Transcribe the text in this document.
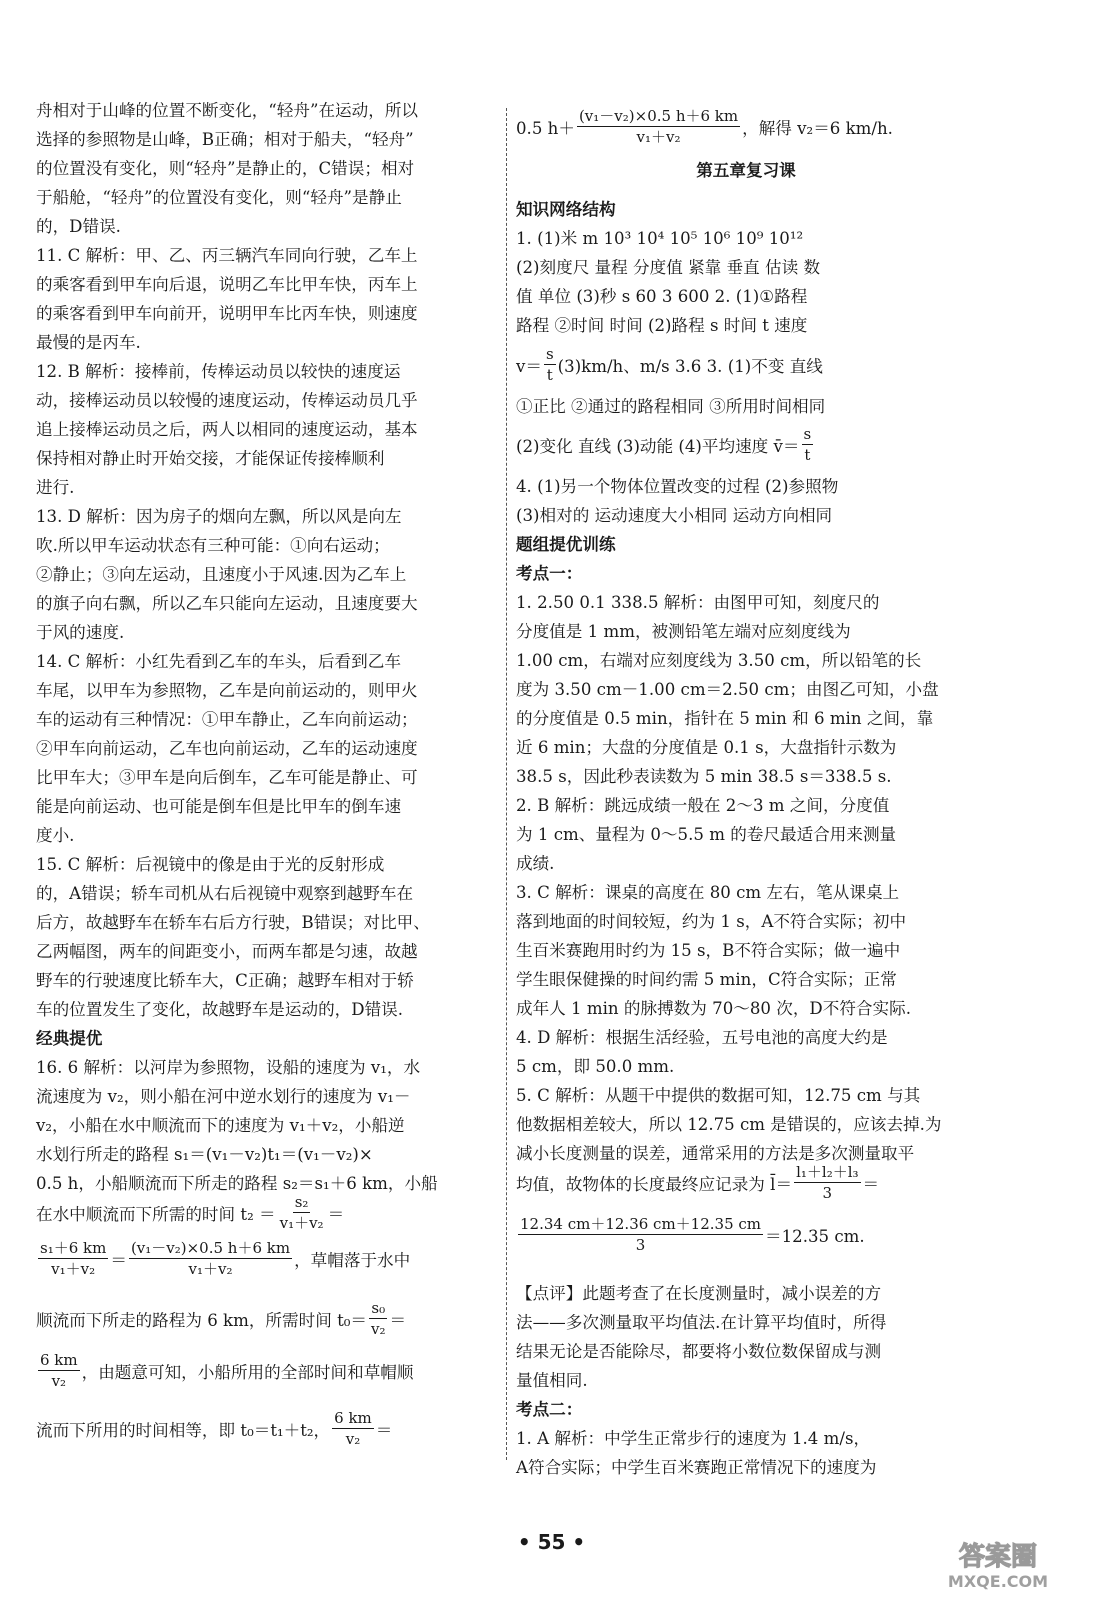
舟相对于山峰的位置不断变化，“轻舟”在运动，所以
选择的参照物是山峰，B正确；相对于船夫，“轻舟”
的位置没有变化，则“轻舟”是静止的，C错误；相对
于船舱，“轻舟”的位置没有变化，则“轻舟”是静止
的，D错误.
11. C 解析：甲、乙、丙三辆汽车同向行驶，乙车上
的乘客看到甲车向后退，说明乙车比甲车快，丙车上
的乘客看到甲车向前开，说明甲车比丙车快，则速度
最慢的是丙车.
12. B 解析：接棒前，传棒运动员以较快的速度运
动，接棒运动员以较慢的速度运动，传棒运动员几乎
追上接棒运动员之后，两人以相同的速度运动，基本
保持相对静止时开始交接，才能保证传接棒顺利
进行.
13. D 解析：因为房子的烟向左飘，所以风是向左
吹.所以甲车运动状态有三种可能：①向右运动；
②静止；③向左运动，且速度小于风速.因为乙车上
的旗子向右飘，所以乙车只能向左运动，且速度要大
于风的速度.
14. C 解析：小红先看到乙车的车头，后看到乙车
车尾，以甲车为参照物，乙车是向前运动的，则甲火
车的运动有三种情况：①甲车静止，乙车向前运动；
②甲车向前运动，乙车也向前运动，乙车的运动速度
比甲车大；③甲车是向后倒车，乙车可能是静止、可
能是向前运动、也可能是倒车但是比甲车的倒车速
度小.
15. C 解析：后视镜中的像是由于光的反射形成
的，A错误；轿车司机从右后视镜中观察到越野车在
后方，故越野车在轿车右后方行驶，B错误；对比甲、
乙两幅图，两车的间距变小，而两车都是匀速，故越
野车的行驶速度比轿车大，C正确；越野车相对于轿
车的位置发生了变化，故越野车是运动的，D错误.
经典提优
16. 6 解析：以河岸为参照物，设船的速度为 v₁，水
流速度为 v₂，则小船在河中逆水划行的速度为 v₁－
v₂，小船在水中顺流而下的速度为 v₁＋v₂，小船逆
水划行所走的路程 s₁＝(v₁－v₂)t₁＝(v₁－v₂)×
0.5 h，小船顺流而下所走的路程 s₂＝s₁＋6 km，小船
在水中顺流而下所需的时间 $t_2 = \frac{\text{s₂}}{\text{v₁＋v₂}}$ ＝
$\frac{\text{s₁＋6 km}}{\text{v₁＋v₂}} = \frac{\text{(v₁－v₂)×0.5 h＋6 km}}{\text{v₁＋v₂}}$ ，草帽落于水中
顺流而下所走的路程为 6 km，所需时间 $t_0= \frac{\text{s₀}}{\text{v₂}}$ ＝
$\frac{6 km}{\text{v₂}}$ ，由题意可知，小船所用的全部时间和草帽顺
流而下所用的时间相等，即 t₀＝t₁＋t₂， $\frac{6 km}{\text{v₂}}$ ＝
0.5 $h+ \frac{\text{(v₁－v₂)×0.5 h＋6 km}}{\text{v₁＋v₂}}$ ，解得 v₂＝6 km/h.
第五章复习课
知识网络结构
1. (1)米 m 10³ 10⁴ 10⁵ 10⁶ 10⁹ 10¹²
(2)刻度尺 量程 分度值 紧靠 垂直 估读 数
值 单位 (3)秒 s 60 3 600 2. (1)①路程
路程 ②时间 时间 (2)路程 s 时间 t 速度
$v= \frac{s}{t} (3)km/h$、m/s 3.6 3. (1)不变 直线
①正比 ②通过的路程相同 ③所用时间相同
(2)变化 直线 (3)动能 (4)平均速度 v̄＝ $\frac{s}{t}$
4. (1)另一个物体位置改变的过程 (2)参照物
(3)相对的 运动速度大小相同 运动方向相同
题组提优训练
考点一：
1. 2.50 0.1 338.5 解析：由图甲可知，刻度尺的
分度值是 1 mm，被测铅笔左端对应刻度线为
1.00 cm，右端对应刻度线为 3.50 cm，所以铅笔的长
度为 3.50 cm－1.00 cm＝2.50 cm；由图乙可知，小盘
的分度值是 0.5 min，指针在 5 min 和 6 min 之间，靠
近 6 min；大盘的分度值是 0.1 s，大盘指针示数为
38.5 s，因此秒表读数为 5 min 38.5 s＝338.5 s.
2. B 解析：跳远成绩一般在 2～3 m 之间，分度值
为 1 cm、量程为 0～5.5 m 的卷尺最适合用来测量
成绩.
3. C 解析：课桌的高度在 80 cm 左右，笔从课桌上
落到地面的时间较短，约为 1 s，A不符合实际；初中
生百米赛跑用时约为 15 s，B不符合实际；做一遍中
学生眼保健操的时间约需 5 min，C符合实际；正常
成年人 1 min 的脉搏数为 70～80 次，D不符合实际.
4. D 解析：根据生活经验，五号电池的高度大约是
5 cm，即 50.0 mm.
5. C 解析：从题干中提供的数据可知，12.75 cm 与其
他数据相差较大，所以 12.75 cm 是错误的，应该去掉.为
减小长度测量的误差，通常采用的方法是多次测量取平
均值，故物体的长度最终应记录为 l̄＝ $\frac{\text{l₁＋l₂＋l₃}}{3}$ ＝
$\frac{12.34 cm+12.36 cm+12.35 cm}{3} =12.35$ cm.
【点评】此题考查了在长度测量时，减小误差的方
法——多次测量取平均值法.在计算平均值时，所得
结果无论是否能除尽，都要将小数位数保留成与测
量值相同.
考点二：
1. A 解析：中学生正常步行的速度为 1.4 m/s，
A符合实际；中学生百米赛跑正常情况下的速度为
• 55 •	答案圈
MXQE.COM
